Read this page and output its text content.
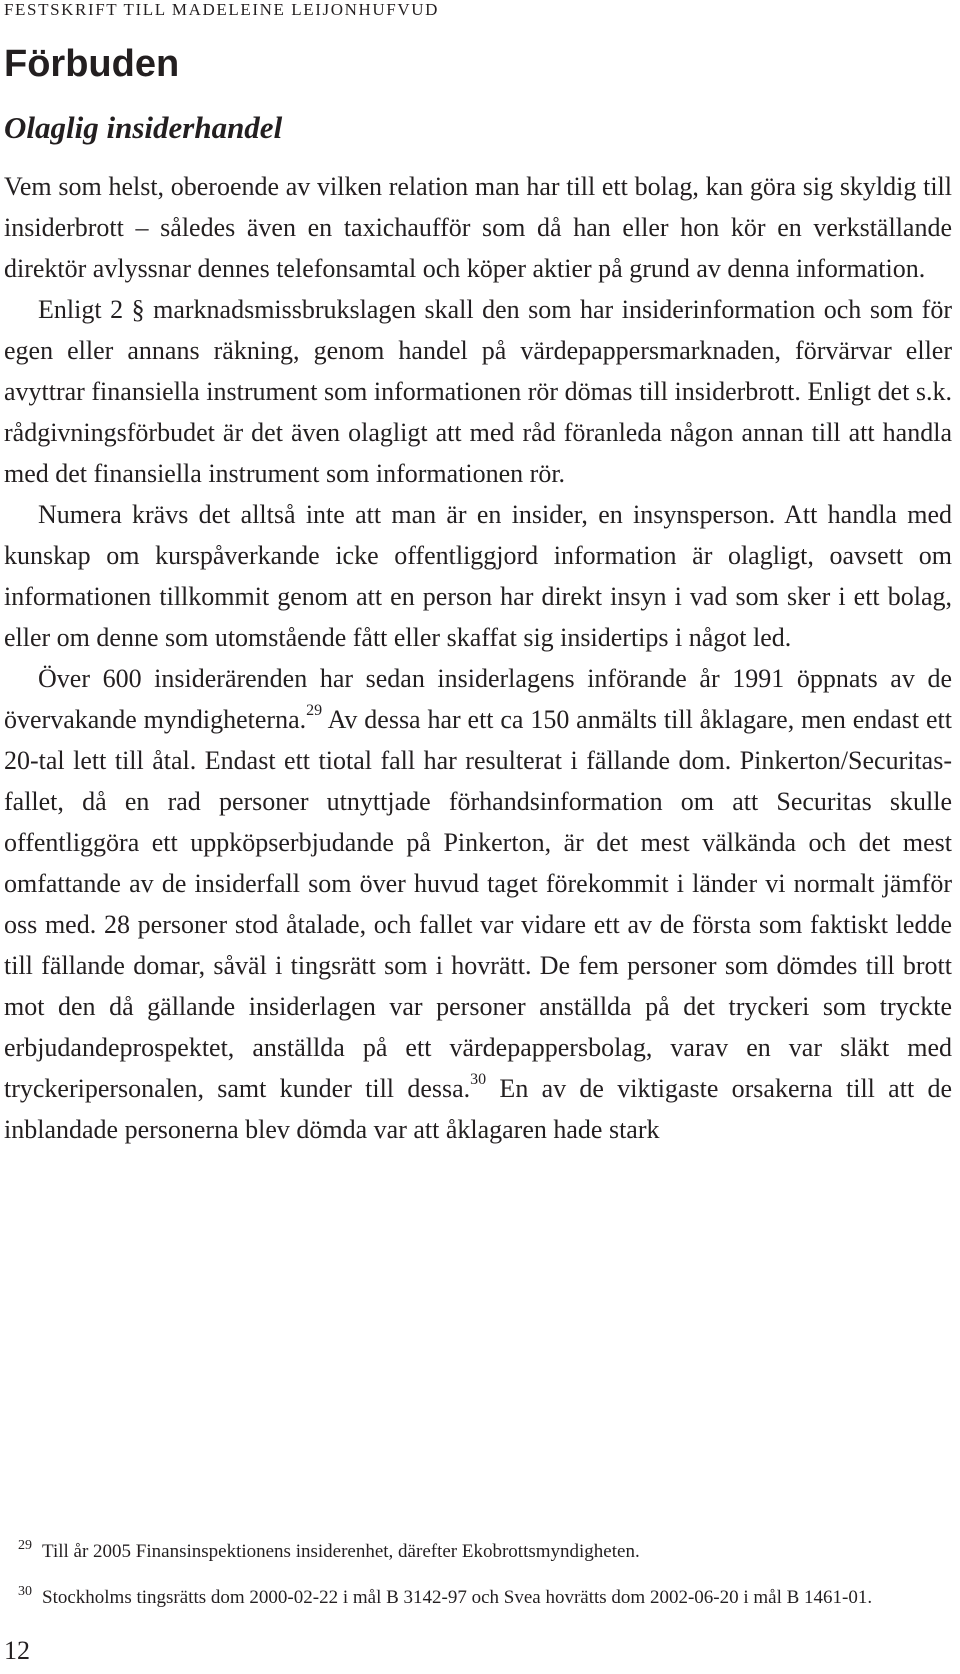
FESTSKRIFT TILL MADELEINE LEIJONHUFVUD
Förbuden
Olaglig insiderhandel

Vem som helst, oberoende av vilken relation man har till ett bolag, kan göra sig skyldig till insiderbrott – således även en taxichaufför som då han eller hon kör en verkställande direktör avlyssnar dennes telefonsamtal och köper aktier på grund av denna information.

Enligt 2 § marknadsmissbrukslagen skall den som har insiderinformation och som för egen eller annans räkning, genom handel på värdepappersmarknaden, förvärvar eller avyttrar finansiella instrument som informationen rör dömas till insiderbrott. Enligt det s.k. rådgivningsförbudet är det även olagligt att med råd föranleda någon annan till att handla med det finansiella instrument som informationen rör.

Numera krävs det alltså inte att man är en insider, en insynsperson. Att handla med kunskap om kurspåverkande icke offentliggjord information är olagligt, oavsett om informationen tillkommit genom att en person har direkt insyn i vad som sker i ett bolag, eller om denne som utomstående fått eller skaffat sig insidertips i något led.

Över 600 insiderärenden har sedan insiderlagens införande år 1991 öppnats av de övervakande myndigheterna.$^{29}$ Av dessa har ett ca 150 anmälts till åklagare, men endast ett 20-tal lett till åtal. Endast ett tiotal fall har resulterat i fällande dom. Pinkerton/Securitas-fallet, då en rad personer utnyttjade förhandsinformation om att Securitas skulle offentliggöra ett uppköpserbjudande på Pinkerton, är det mest välkända och det mest omfattande av de insiderfall som över huvud taget förekommit i länder vi normalt jämför oss med. 28 personer stod åtalade, och fallet var vidare ett av de första som faktiskt ledde till fällande domar, såväl i tingsrätt som i hovrätt. De fem personer som dömdes till brott mot den då gällande insiderlagen var personer anställda på det tryckeri som tryckte erbjudandeprospektet, anställda på ett värdepappersbolag, varav en var släkt med tryckeripersonalen, samt kunder till dessa.$^{30}$ En av de viktigaste orsakerna till att de inblandade personerna blev dömda var att åklagaren hade stark

29 Till år 2005 Finansinspektionens insiderenhet, därefter Ekobrottsmyndigheten.
30 Stockholms tingsrätts dom 2000-02-22 i mål B 3142-97 och Svea hovrätts dom 2002-06-20 i mål B 1461-01.
12
